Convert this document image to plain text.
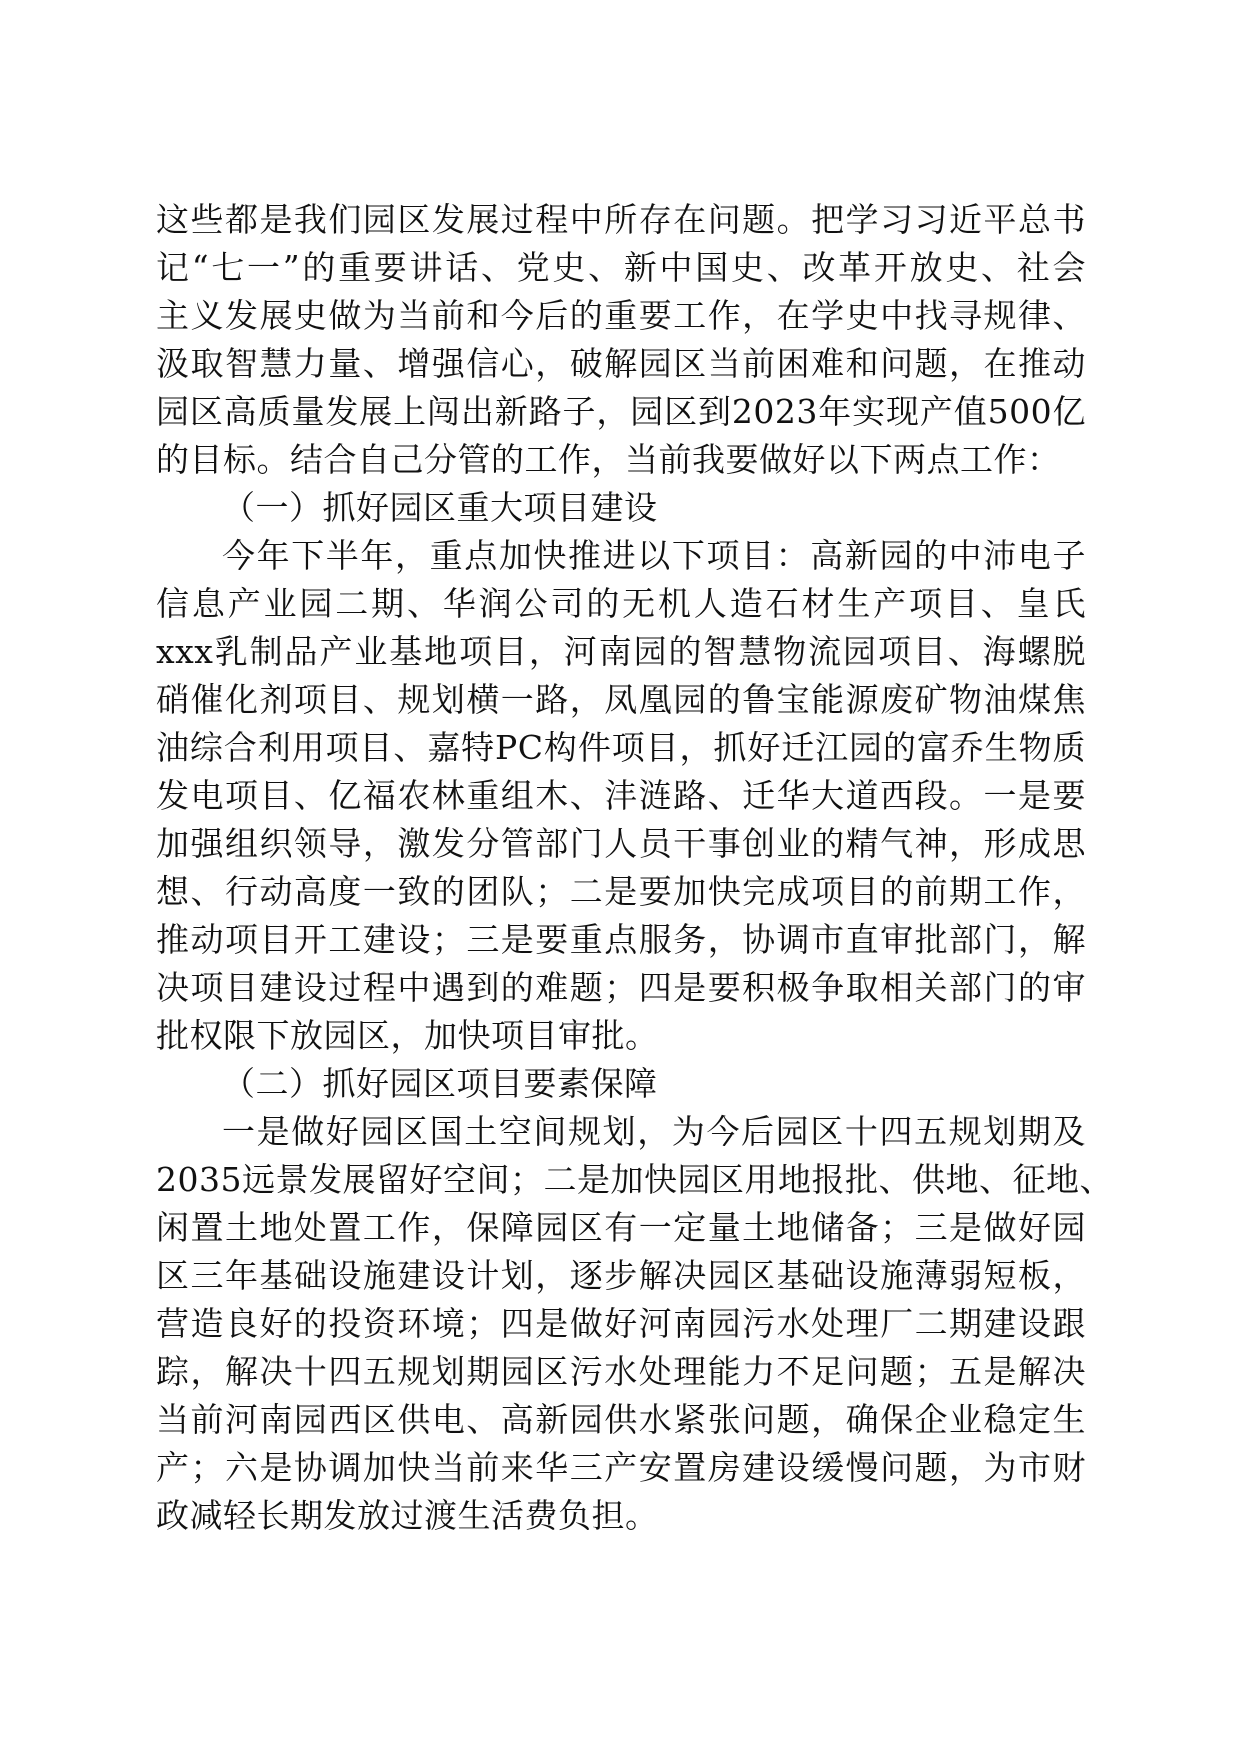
这些都是我们园区发展过程中所存在问题。把学习习近平总书
记“七一”的重要讲话、党史、新中国史、改革开放史、社会
主义发展史做为当前和今后的重要工作，在学史中找寻规律、
汲取智慧力量、增强信心，破解园区当前困难和问题，在推动
园区高质量发展上闯出新路子，园区到2023年实现产值500亿
的目标。结合自己分管的工作，当前我要做好以下两点工作：
（一）抓好园区重大项目建设
今年下半年，重点加快推进以下项目：高新园的中沛电子
信息产业园二期、华润公司的无机人造石材生产项目、皇氏
xxx乳制品产业基地项目，河南园的智慧物流园项目、海螺脱
硝催化剂项目、规划横一路，凤凰园的鲁宝能源废矿物油煤焦
油综合利用项目、嘉特PC构件项目，抓好迁江园的富乔生物质
发电项目、亿福农林重组木、沣涟路、迁华大道西段。一是要
加强组织领导，激发分管部门人员干事创业的精气神，形成思
想、行动高度一致的团队；二是要加快完成项目的前期工作，
推动项目开工建设；三是要重点服务，协调市直审批部门，解
决项目建设过程中遇到的难题；四是要积极争取相关部门的审
批权限下放园区，加快项目审批。
（二）抓好园区项目要素保障
一是做好园区国土空间规划，为今后园区十四五规划期及
2035远景发展留好空间；二是加快园区用地报批、供地、征地、
闲置土地处置工作，保障园区有一定量土地储备；三是做好园
区三年基础设施建设计划，逐步解决园区基础设施薄弱短板，
营造良好的投资环境；四是做好河南园污水处理厂二期建设跟
踪，解决十四五规划期园区污水处理能力不足问题；五是解决
当前河南园西区供电、高新园供水紧张问题，确保企业稳定生
产；六是协调加快当前来华三产安置房建设缓慢问题，为市财
政减轻长期发放过渡生活费负担。
